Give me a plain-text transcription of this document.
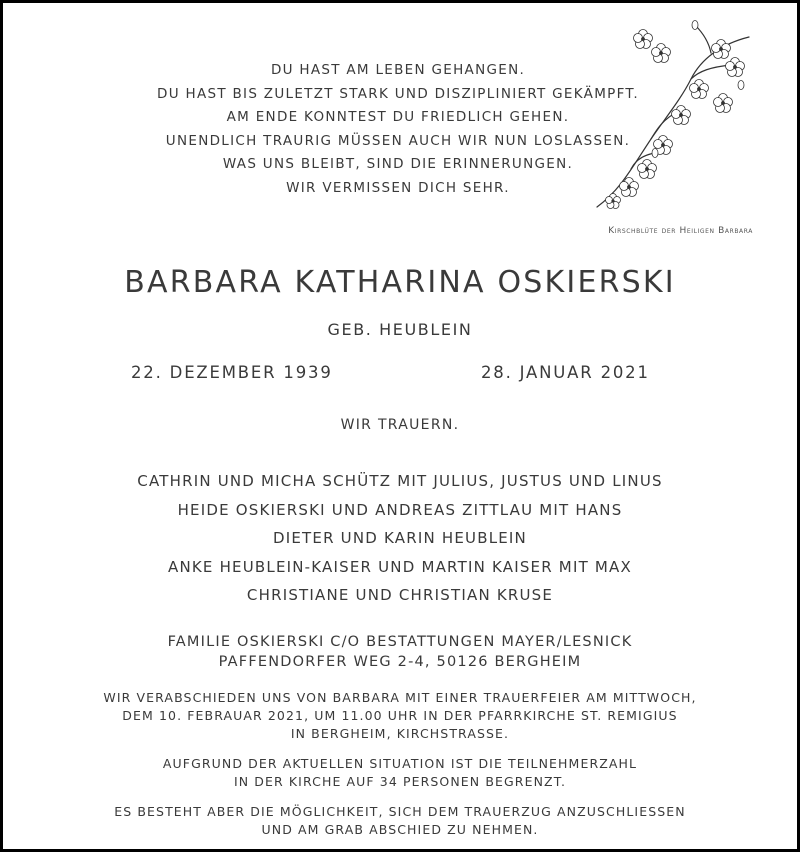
DU HAST AM LEBEN GEHANGEN.
DU HAST BIS ZULETZT STARK UND DISZIPLINIERT GEKÄMPFT.
AM ENDE KONNTEST DU FRIEDLICH GEHEN.
UNENDLICH TRAURIG MÜSSEN AUCH WIR NUN LOSLASSEN.
WAS UNS BLEIBT, SIND DIE ERINNERUNGEN.
WIR VERMISSEN DICH SEHR.
Kirschblüte der Heiligen Barbara
BARBARA KATHARINA OSKIERSKI
GEB. HEUBLEIN
22. DEZEMBER 1939	28. JANUAR 2021
WIR TRAUERN.
CATHRIN UND MICHA SCHÜTZ MIT JULIUS, JUSTUS UND LINUS
HEIDE OSKIERSKI UND ANDREAS ZITTLAU MIT HANS
DIETER UND KARIN HEUBLEIN
ANKE HEUBLEIN-KAISER UND MARTIN KAISER MIT MAX
CHRISTIANE UND CHRISTIAN KRUSE
FAMILIE OSKIERSKI C/O BESTATTUNGEN MAYER/LESNICK
PAFFENDORFER WEG 2-4, 50126 BERGHEIM
WIR VERABSCHIEDEN UNS VON BARBARA MIT EINER TRAUERFEIER AM MITTWOCH,
DEM 10. FEBRAUAR 2021, UM 11.00 UHR IN DER PFARRKIRCHE ST. REMIGIUS
IN BERGHEIM, KIRCHSTRASSE.
AUFGRUND DER AKTUELLEN SITUATION IST DIE TEILNEHMERZAHL
IN DER KIRCHE AUF 34 PERSONEN BEGRENZT.
ES BESTEHT ABER DIE MÖGLICHKEIT, SICH DEM TRAUERZUG ANZUSCHLIESSEN
UND AM GRAB ABSCHIED ZU NEHMEN.
